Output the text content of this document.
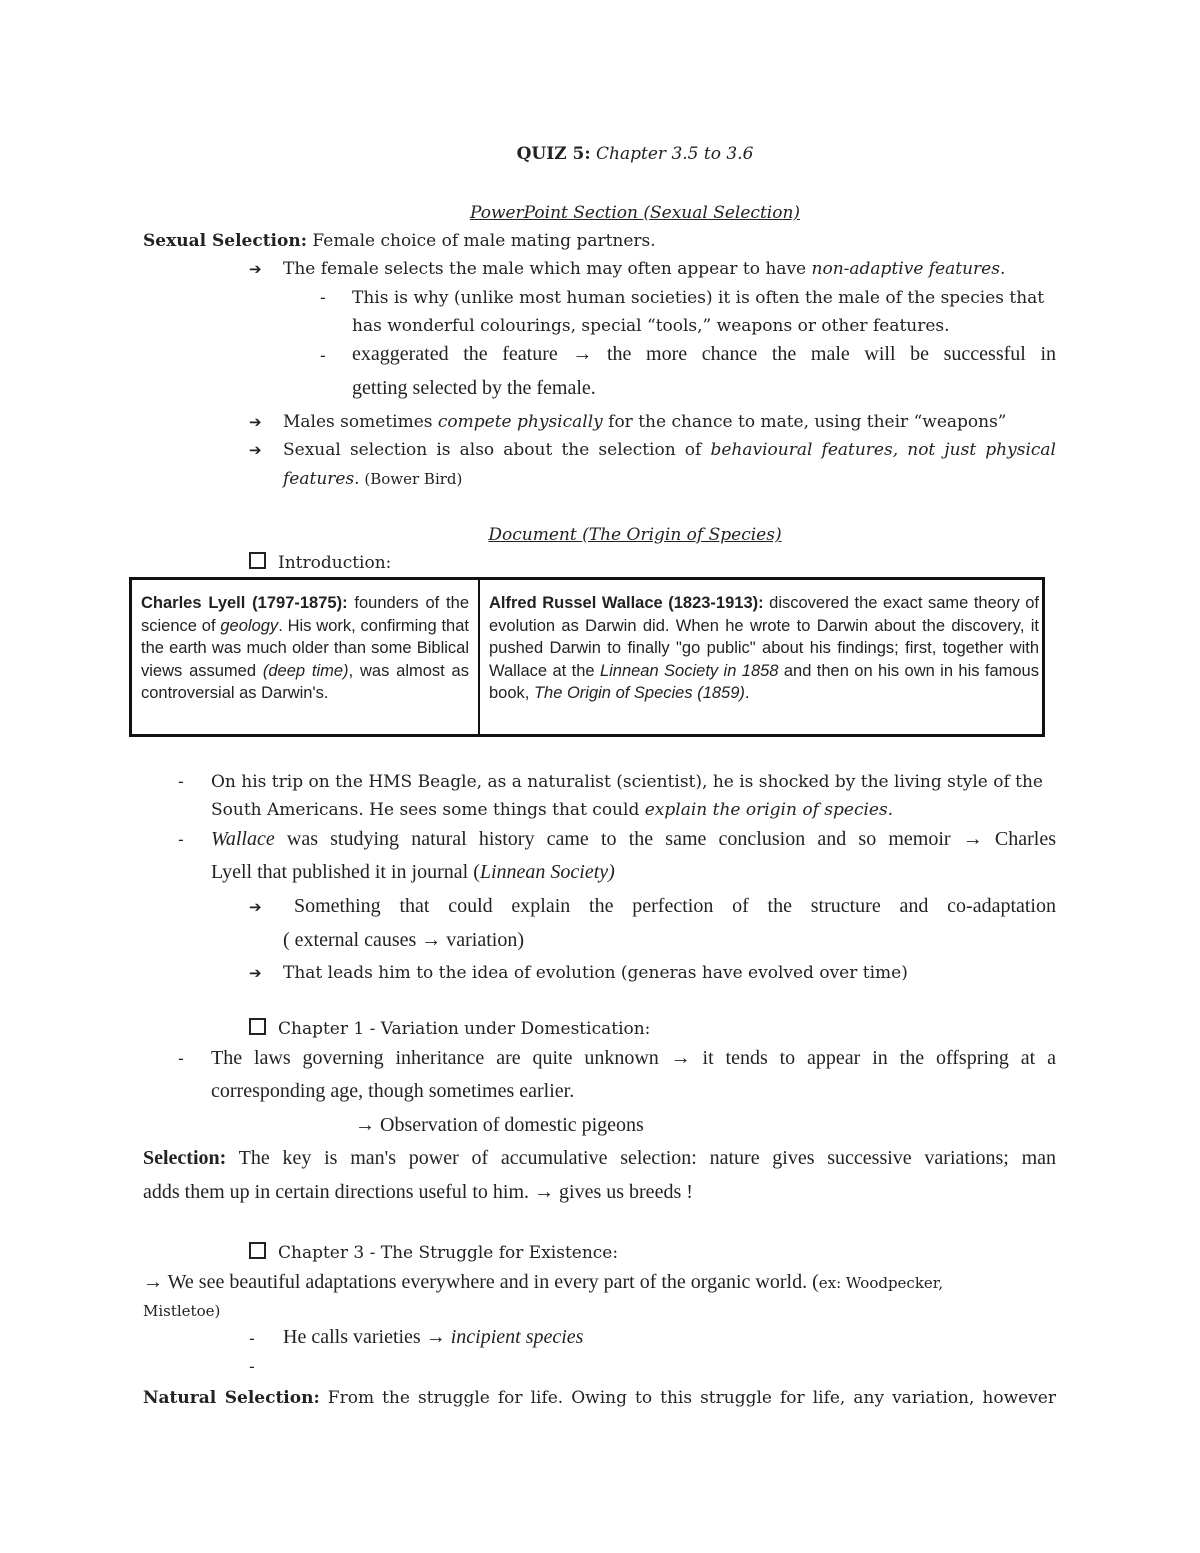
QUIZ 5: Chapter 3.5 to 3.6
PowerPoint Section (Sexual Selection)
Sexual Selection: Female choice of male mating partners.
➔ The female selects the male which may often appear to have non-adaptive features.
- This is why (unlike most human societies) it is often the male of the species that
has wonderful colourings, special “tools,” weapons or other features.
- exaggerated the feature → the more chance the male will be successful in
getting selected by the female.
➔ Males sometimes compete physically for the chance to mate, using their “weapons”
➔ Sexual selection is also about the selection of behavioural features, not just physical
features. (Bower Bird)
Document (The Origin of Species)
Introduction:
Charles Lyell (1797-1875): founders of the science of geology. His work, confirming that the earth was much older than some Biblical views assumed (deep time), was almost as controversial as Darwin's.
Alfred Russel Wallace (1823-1913): discovered the exact same theory of evolution as Darwin did. When he wrote to Darwin about the discovery, it pushed Darwin to finally "go public" about his findings; first, together with Wallace at the Linnean Society in 1858 and then on his own in his famous book, The Origin of Species (1859).
- On his trip on the HMS Beagle, as a naturalist (scientist), he is shocked by the living style of the
South Americans. He sees some things that could explain the origin of species.
- Wallace was studying natural history came to the same conclusion and so memoir → Charles
Lyell that published it in journal (Linnean Society)
➔ Something that could explain the perfection of the structure and co-adaptation
( external causes → variation)
➔ That leads him to the idea of evolution (generas have evolved over time)
Chapter 1 - Variation under Domestication:
- The laws governing inheritance are quite unknown → it tends to appear in the offspring at a
corresponding age, though sometimes earlier.
→ Observation of domestic pigeons
Selection: The key is man's power of accumulative selection: nature gives successive variations; man
adds them up in certain directions useful to him. → gives us breeds !
Chapter 3 - The Struggle for Existence:
→ We see beautiful adaptations everywhere and in every part of the organic world. (ex: Woodpecker,
Mistletoe)
- He calls varieties → incipient species
-
Natural Selection: From the struggle for life. Owing to this struggle for life, any variation, however
